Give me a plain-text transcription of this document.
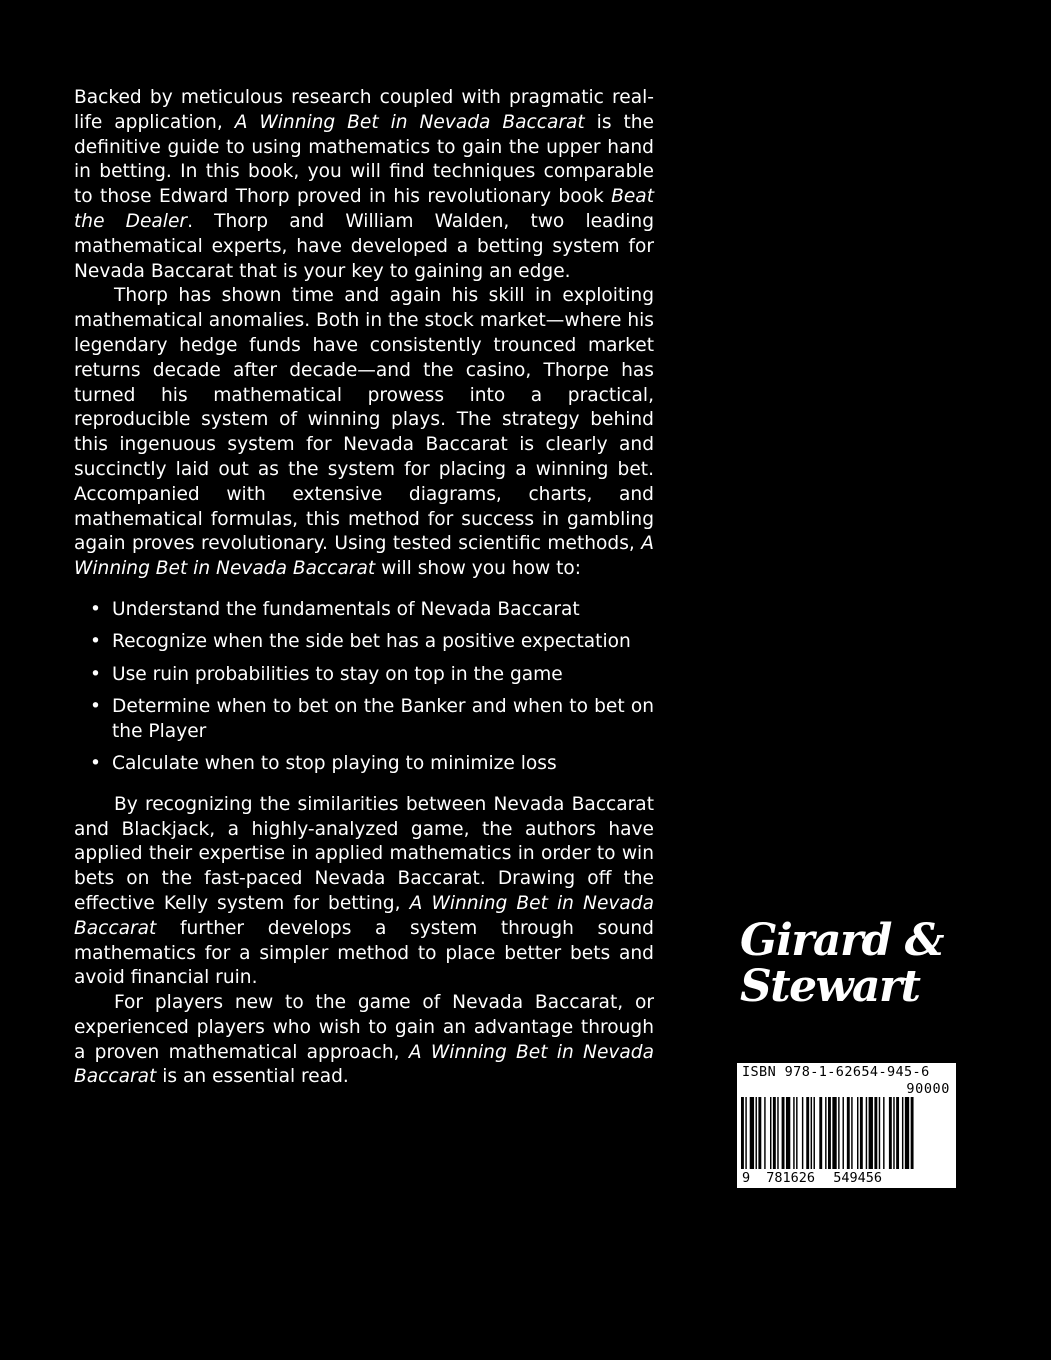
Backed by meticulous research coupled with pragmatic real-life application, A Winning Bet in Nevada Baccarat is the definitive guide to using mathematics to gain the upper hand in betting. In this book, you will find techniques comparable to those Edward Thorp proved in his revolutionary book Beat the Dealer. Thorp and William Walden, two leading mathematical experts, have developed a betting system for Nevada Baccarat that is your key to gaining an edge.

Thorp has shown time and again his skill in exploiting mathematical anomalies. Both in the stock market—where his legendary hedge funds have consistently trounced market returns decade after decade—and the casino, Thorpe has turned his mathematical prowess into a practical, reproducible system of winning plays. The strategy behind this ingenuous system for Nevada Baccarat is clearly and succinctly laid out as the system for placing a winning bet. Accompanied with extensive diagrams, charts, and mathematical formulas, this method for success in gambling again proves revolutionary. Using tested scientific methods, A Winning Bet in Nevada Baccarat will show you how to:

• Understand the fundamentals of Nevada Baccarat
• Recognize when the side bet has a positive expectation
• Use ruin probabilities to stay on top in the game
• Determine when to bet on the Banker and when to bet on the Player
• Calculate when to stop playing to minimize loss

By recognizing the similarities between Nevada Baccarat and Blackjack, a highly-analyzed game, the authors have applied their expertise in applied mathematics in order to win bets on the fast-paced Nevada Baccarat. Drawing off the effective Kelly system for betting, A Winning Bet in Nevada Baccarat further develops a system through sound mathematics for a simpler method to place better bets and avoid financial ruin.

For players new to the game of Nevada Baccarat, or experienced players who wish to gain an advantage through a proven mathematical approach, A Winning Bet in Nevada Baccarat is an essential read.

Girard &
Stewart
ISBN 978-1-62654-945-6
90000
9 781626 549456
